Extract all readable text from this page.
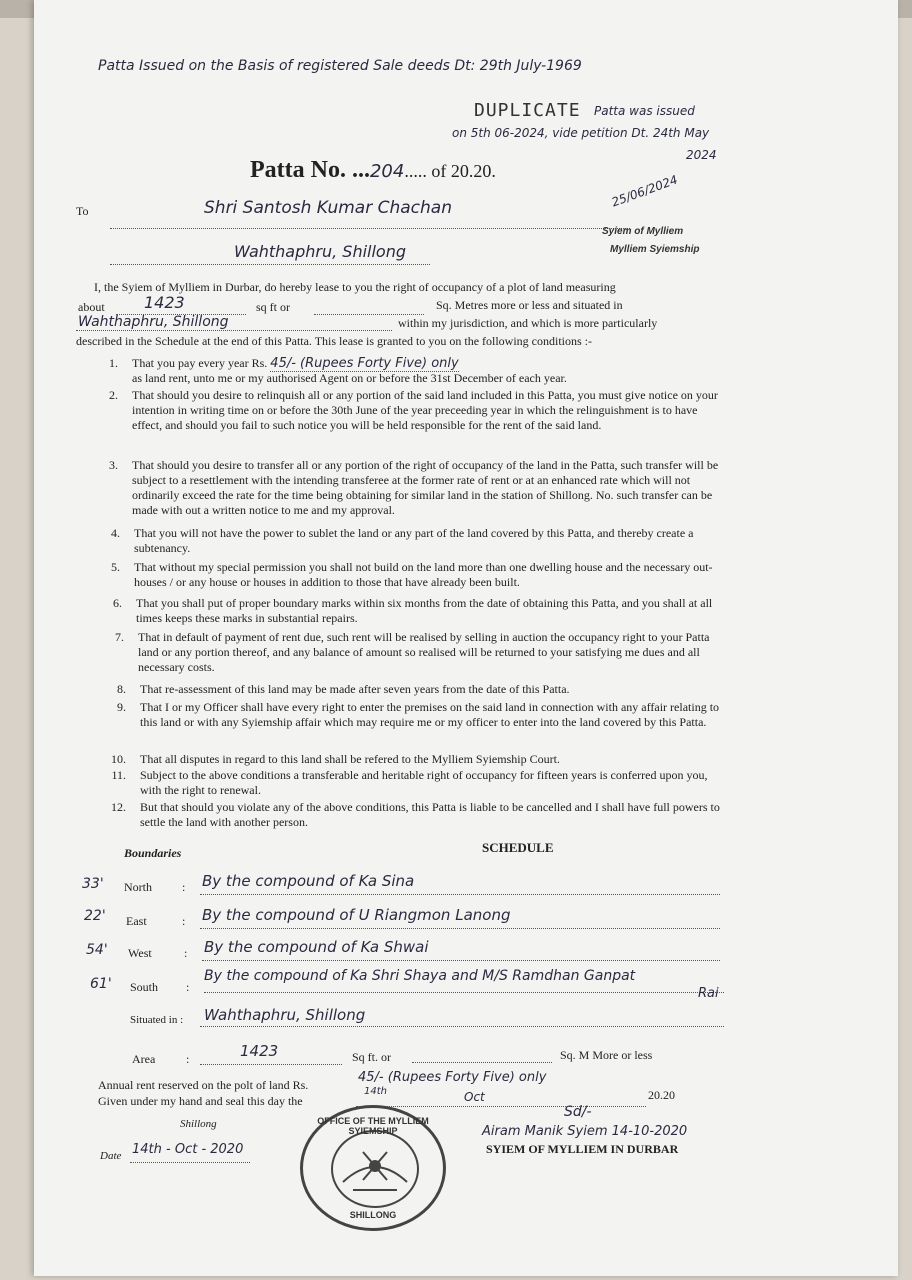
Patta Issued on the Basis of registered Sale deeds Dt: 29th July-1969
DUPLICATE Patta was issued
on 5th 06-2024, vide petition Dt. 24th May
2024
Patta No. ...204..... of 20.20.
To	Shri Santosh Kumar Chachan
Wahthaphru, Shillong
25/06/2024
Syiem of Mylliem
Mylliem Syiemship
I, the Syiem of Mylliem in Durbar, do hereby lease to you the right of occupancy of a plot of land measuring
about 1423	sq ft or	Sq. Metres more or less and situated in
Wahthaphru, Shillong	within my jurisdiction, and which is more particularly
described in the Schedule at the end of this Patta. This lease is granted to you on the following conditions :-
1. That you pay every year Rs. 45/- (Rupees Forty Five) only
as land rent, unto me or my authorised Agent on or before the 31st December of each year.
2. That should you desire to relinquish all or any portion of the said land included in this Patta, you must give notice on your intention in writing time on or before the 30th June of the year preceeding year in which the relinguishment is to have effect, and should you fail to such notice you will be held responsible for the rent of the said land.
3. That should you desire to transfer all or any portion of the right of occupancy of the land in the Patta, such transfer will be subject to a resettlement with the intending transferee at the former rate of rent or at an enhanced rate which will not ordinarily exceed the rate for the time being obtaining for similar land in the station of Shillong. No. such transfer can be made with out a written notice to me and my approval.
4. That you will not have the power to sublet the land or any part of the land covered by this Patta, and thereby create a subtenancy.
5. That without my special permission you shall not build on the land more than one dwelling house and the necessary out-houses / or any house or houses in addition to those that have already been built.
6. That you shall put of proper boundary marks within six months from the date of obtaining this Patta, and you shall at all times keeps these marks in substantial repairs.
7. That in default of payment of rent due, such rent will be realised by selling in auction the occupancy right to your Patta land or any portion thereof, and any balance of amount so realised will be returned to your satisfying me dues and all necessary costs.
8. That re-assessment of this land may be made after seven years from the date of this Patta.
9. That I or my Officer shall have every right to enter the premises on the said land in connection with any affair relating to this land or with any Syiemship affair which may require me or my officer to enter into the land covered by this Patta.
10. That all disputes in regard to this land shall be refered to the Mylliem Syiemship Court.
11. Subject to the above conditions a transferable and heritable right of occupancy for fifteen years is conferred upon you, with the right to renewal.
12. But that should you violate any of the above conditions, this Patta is liable to be cancelled and I shall have full powers to settle the land with another person.
SCHEDULE
Boundaries
33' North	: By the compound of Ka Sina
22' East	: By the compound of U Riangmon Lanong
54' West	: By the compound of Ka Shwai
61' South :
By the compound of Ka Shri Shaya and M/S Ramdhan Ganpat
Rai
Situated in : Wahthaphru, Shillong
Area	:	1423	Sq ft. or	Sq. M More or less
Annual rent reserved on the polt of land Rs.	45/- (Rupees Forty Five) only
Given under my hand and seal this day the
14th	Oct	20.20
Sd/-
Shillong	Airam Manik Syiem 14-10-2020
SYIEM OF MYLLIEM IN DURBAR
Date 14th - Oct - 2020
OFFICE OF THE MYLLIEM SYIEMSHIP
SHILLONG
